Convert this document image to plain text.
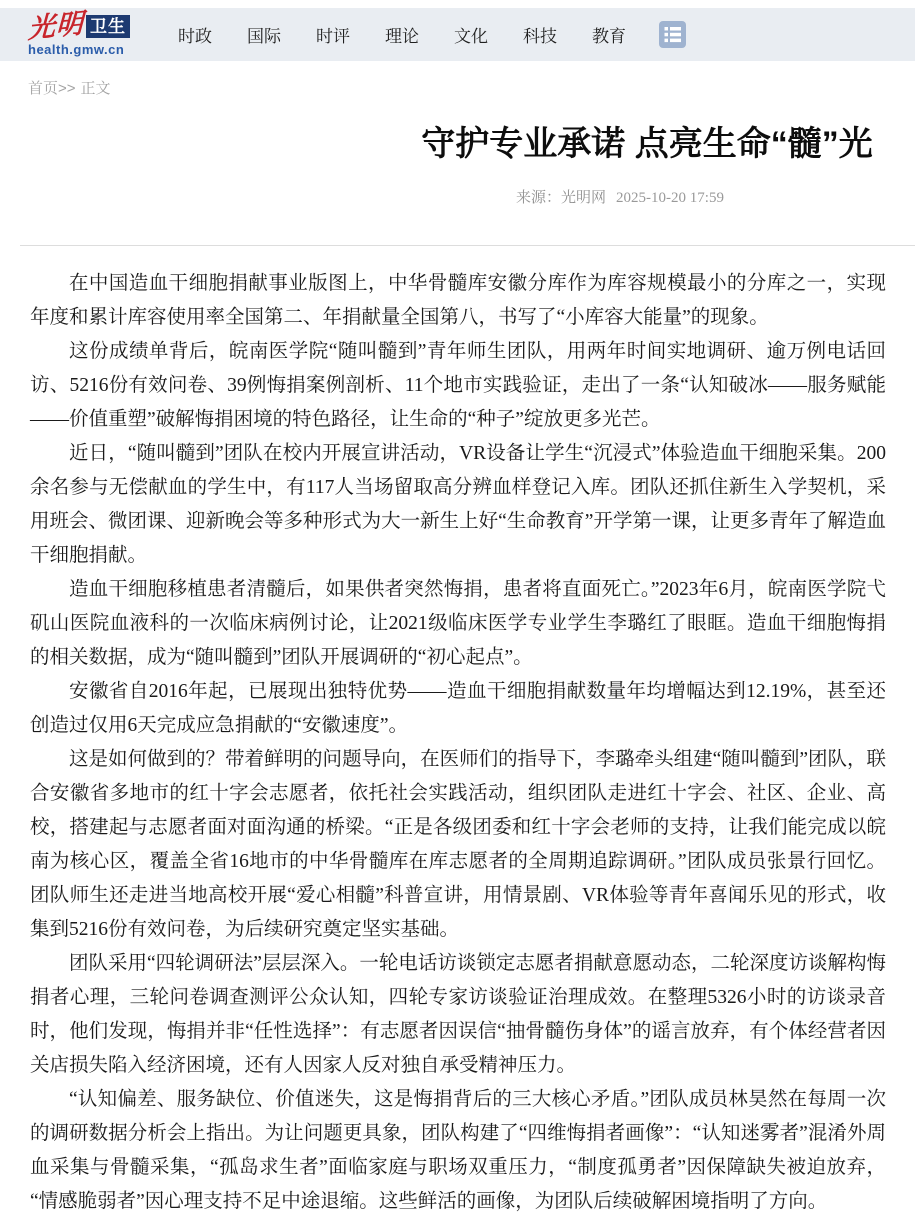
光明 卫生
health.gmw.cn
时政 国际 时评 理论 文化 科技 教育
首页>> 正文
守护专业承诺 点亮生命“髓”光
来源：光明网 2025-10-20 17:59

在中国造血干细胞捐献事业版图上，中华骨髓库安徽分库作为库容规模最小的分库之一，实现年度和累计库容使用率全国第二、年捐献量全国第八，书写了“小库容大能量”的现象。

这份成绩单背后，皖南医学院“随叫髓到”青年师生团队，用两年时间实地调研、逾万例电话回访、5216份有效问卷、39例悔捐案例剖析、11个地市实践验证，走出了一条“认知破冰——服务赋能——价值重塑”破解悔捐困境的特色路径，让生命的“种子”绽放更多光芒。

近日，“随叫髓到”团队在校内开展宣讲活动，VR设备让学生“沉浸式”体验造血干细胞采集。200余名参与无偿献血的学生中，有117人当场留取高分辨血样登记入库。团队还抓住新生入学契机，采用班会、微团课、迎新晚会等多种形式为大一新生上好“生命教育”开学第一课，让更多青年了解造血干细胞捐献。

造血干细胞移植患者清髓后，如果供者突然悔捐，患者将直面死亡。”2023年6月，皖南医学院弋矶山医院血液科的一次临床病例讨论，让2021级临床医学专业学生李璐红了眼眶。造血干细胞悔捐的相关数据，成为“随叫髓到”团队开展调研的“初心起点”。

安徽省自2016年起，已展现出独特优势——造血干细胞捐献数量年均增幅达到12.19%，甚至还创造过仅用6天完成应急捐献的“安徽速度”。

这是如何做到的？带着鲜明的问题导向，在医师们的指导下，李璐牵头组建“随叫髓到”团队，联合安徽省多地市的红十字会志愿者，依托社会实践活动，组织团队走进红十字会、社区、企业、高校，搭建起与志愿者面对面沟通的桥梁。“正是各级团委和红十字会老师的支持，让我们能完成以皖南为核心区，覆盖全省16地市的中华骨髓库在库志愿者的全周期追踪调研。”团队成员张景行回忆。团队师生还走进当地高校开展“爱心相髓”科普宣讲，用情景剧、VR体验等青年喜闻乐见的形式，收集到5216份有效问卷，为后续研究奠定坚实基础。

团队采用“四轮调研法”层层深入。一轮电话访谈锁定志愿者捐献意愿动态，二轮深度访谈解构悔捐者心理，三轮问卷调查测评公众认知，四轮专家访谈验证治理成效。在整理5326小时的访谈录音时，他们发现，悔捐并非“任性选择”：有志愿者因误信“抽骨髓伤身体”的谣言放弃，有个体经营者因关店损失陷入经济困境，还有人因家人反对独自承受精神压力。

“认知偏差、服务缺位、价值迷失，这是悔捐背后的三大核心矛盾。”团队成员林昊然在每周一次的调研数据分析会上指出。为让问题更具象，团队构建了“四维悔捐者画像”：“认知迷雾者”混淆外周血采集与骨髓采集，“孤岛求生者”面临家庭与职场双重压力，“制度孤勇者”因保障缺失被迫放弃，“情感脆弱者”因心理支持不足中途退缩。这些鲜活的画像，为团队后续破解困境指明了方向。
